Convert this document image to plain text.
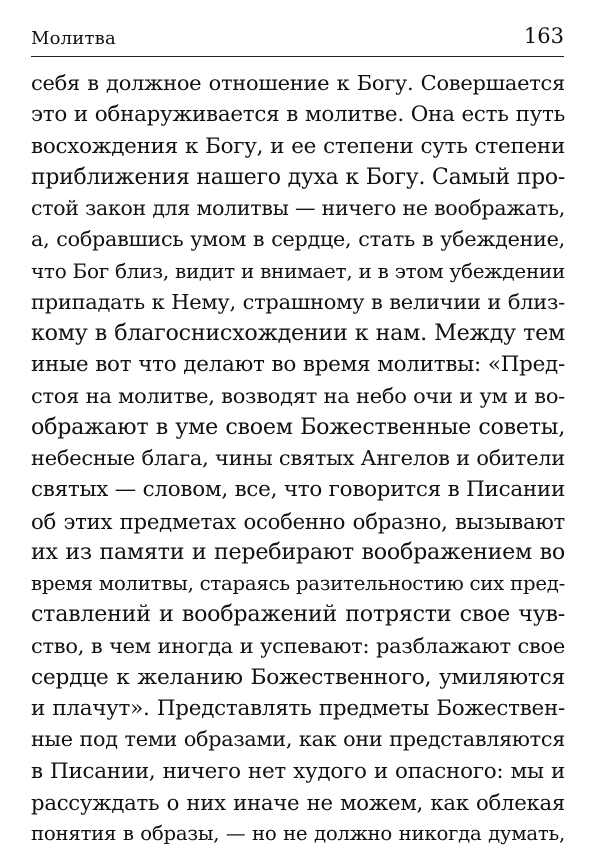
Молитва	163
себя в должное отношение к Богу. Совершается
это и обнаруживается в молитве. Она есть путь
восхождения к Богу, и ее степени суть степени
приближения нашего духа к Богу. Самый про-
стой закон для молитвы — ничего не воображать,
а, собравшись умом в сердце, стать в убеждение,
что Бог близ, видит и внимает, и в этом убеждении
припадать к Нему, страшному в величии и близ-
кому в благоснисхождении к нам. Между тем
иные вот что делают во время молитвы: «Пред-
стоя на молитве, возводят на небо очи и ум и во-
ображают в уме своем Божественные советы,
небесные блага, чины святых Ангелов и обители
святых — словом, все, что говорится в Писании
об этих предметах особенно образно, вызывают
их из памяти и перебирают воображением во
время молитвы, стараясь разительностию сих пред-
ставлений и воображений потрясти свое чув-
ство, в чем иногда и успевают: разблажают свое
сердце к желанию Божественного, умиляются
и плачут». Представлять предметы Божествен-
ные под теми образами, как они представляются
в Писании, ничего нет худого и опасного: мы и
рассуждать о них иначе не можем, как облекая
понятия в образы, — но не должно никогда думать,
